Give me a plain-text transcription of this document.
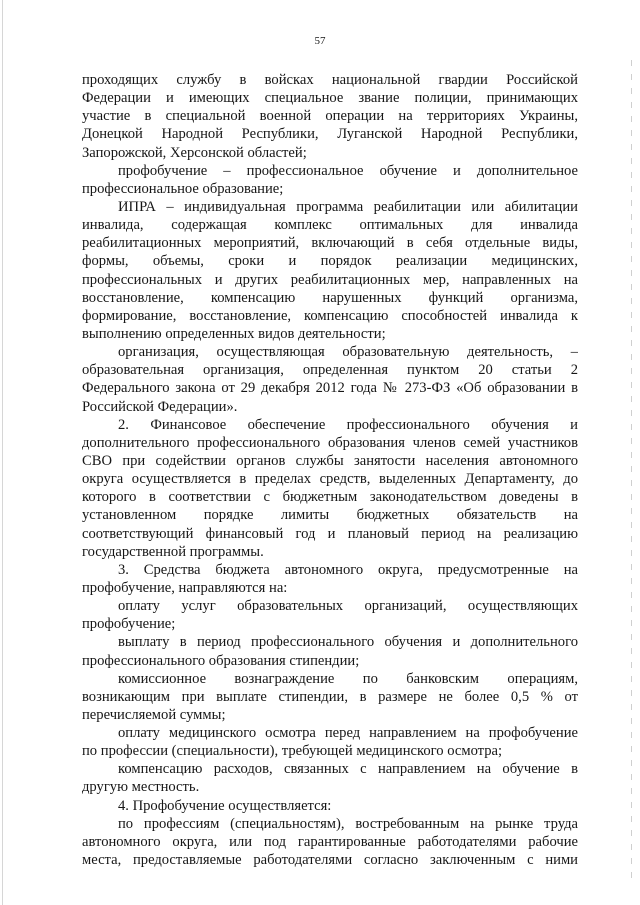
57
проходящих службу в войсках национальной гвардии Российской
Федерации и имеющих специальное звание полиции, принимающих
участие в специальной военной операции на территориях Украины,
Донецкой Народной Республики, Луганской Народной Республики,
Запорожской, Херсонской областей;
профобучение – профессиональное обучение и дополнительное
профессиональное образование;
ИПРА – индивидуальная программа реабилитации или абилитации
инвалида, содержащая комплекс оптимальных для инвалида
реабилитационных мероприятий, включающий в себя отдельные виды,
формы, объемы, сроки и порядок реализации медицинских,
профессиональных и других реабилитационных мер, направленных на
восстановление, компенсацию нарушенных функций организма,
формирование, восстановление, компенсацию способностей инвалида к
выполнению определенных видов деятельности;
организация, осуществляющая образовательную деятельность, –
образовательная организация, определенная пунктом 20 статьи 2
Федерального закона от 29 декабря 2012 года № 273-ФЗ «Об образовании в
Российской Федерации».
2. Финансовое обеспечение профессионального обучения и
дополнительного профессионального образования членов семей участников
СВО при содействии органов службы занятости населения автономного
округа осуществляется в пределах средств, выделенных Департаменту, до
которого в соответствии с бюджетным законодательством доведены в
установленном порядке лимиты бюджетных обязательств на
соответствующий финансовый год и плановый период на реализацию
государственной программы.
3. Средства бюджета автономного округа, предусмотренные на
профобучение, направляются на:
оплату услуг образовательных организаций, осуществляющих
профобучение;
выплату в период профессионального обучения и дополнительного
профессионального образования стипендии;
комиссионное вознаграждение по банковским операциям,
возникающим при выплате стипендии, в размере не более 0,5 % от
перечисляемой суммы;
оплату медицинского осмотра перед направлением на профобучение
по профессии (специальности), требующей медицинского осмотра;
компенсацию расходов, связанных с направлением на обучение в
другую местность.
4. Профобучение осуществляется:
по профессиям (специальностям), востребованным на рынке труда
автономного округа, или под гарантированные работодателями рабочие
места, предоставляемые работодателями согласно заключенным с ними
